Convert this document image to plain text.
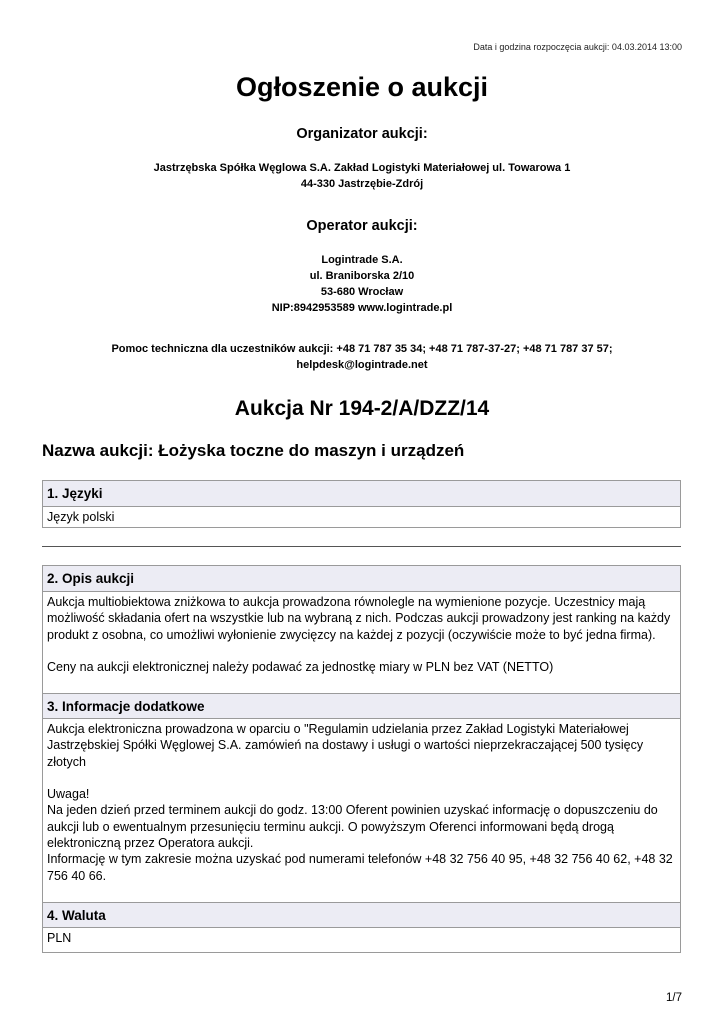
Data i godzina rozpoczęcia aukcji: 04.03.2014 13:00
Ogłoszenie o aukcji
Organizator aukcji:
Jastrzębska Spółka Węglowa S.A. Zakład Logistyki Materiałowej ul. Towarowa 1
44-330 Jastrzębie-Zdrój
Operator aukcji:
Logintrade S.A.
ul. Braniborska 2/10
53-680 Wrocław
NIP:8942953589 www.logintrade.pl
Pomoc techniczna dla uczestników aukcji: +48 71 787 35 34; +48 71 787-37-27; +48 71 787 37 57;
helpdesk@logintrade.net
Aukcja Nr 194-2/A/DZZ/14
Nazwa aukcji: Łożyska toczne do maszyn i urządzeń
1. Języki
Język polski
2. Opis aukcji

Aukcja multiobiektowa zniżkowa to aukcja prowadzona równolegle na wymienione pozycje. Uczestnicy mają możliwość składania ofert na wszystkie lub na wybraną z nich. Podczas aukcji prowadzony jest ranking na każdy produkt z osobna, co umożliwi wyłonienie zwycięzcy na każdej z pozycji (oczywiście może to być jedna firma).

Ceny na aukcji elektronicznej należy podawać za jednostkę miary w PLN bez VAT (NETTO)

3. Informacje dodatkowe

Aukcja elektroniczna prowadzona w oparciu o "Regulamin udzielania przez Zakład Logistyki Materiałowej Jastrzębskiej Spółki Węglowej S.A. zamówień na dostawy i usługi o wartości nieprzekraczającej 500 tysięcy złotych

Uwaga!

Na jeden dzień przed terminem aukcji do godz. 13:00 Oferent powinien uzyskać informację o dopuszczeniu do aukcji lub o ewentualnym przesunięciu terminu aukcji. O powyższym Oferenci informowani będą drogą elektroniczną przez Operatora aukcji.

Informację w tym zakresie można uzyskać pod numerami telefonów +48 32 756 40 95, +48 32 756 40 62, +48 32 756 40 66.

4. Waluta
PLN
1/7
